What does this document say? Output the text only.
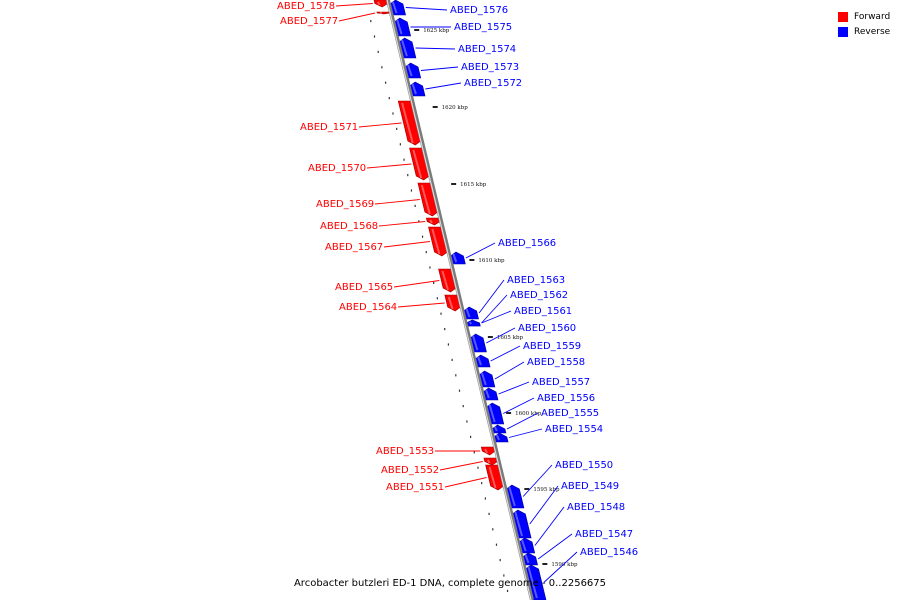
1625 kbp
1620 kbp
1615 kbp
1610 kbp
1605 kbp
1600 kbp
1595 kbp
1590 kbp
ABED_1578
ABED_1577
ABED_1576
ABED_1575
ABED_1574
ABED_1573
ABED_1572
ABED_1571
ABED_1570
ABED_1569
ABED_1568
ABED_1567	ABED_1566
ABED_1565
ABED_1564
ABED_1563
ABED_1562
ABED_1561
ABED_1560
ABED_1559
ABED_1558
ABED_1557
ABED_1556
ABED_1555
ABED_1554
ABED_1553
ABED_1552
ABED_1551
ABED_1550
ABED_1549
ABED_1548
ABED_1547
ABED_1546
Forward
Reverse
Arcobacter butzleri ED-1 DNA, complete genome - 0..2256675
